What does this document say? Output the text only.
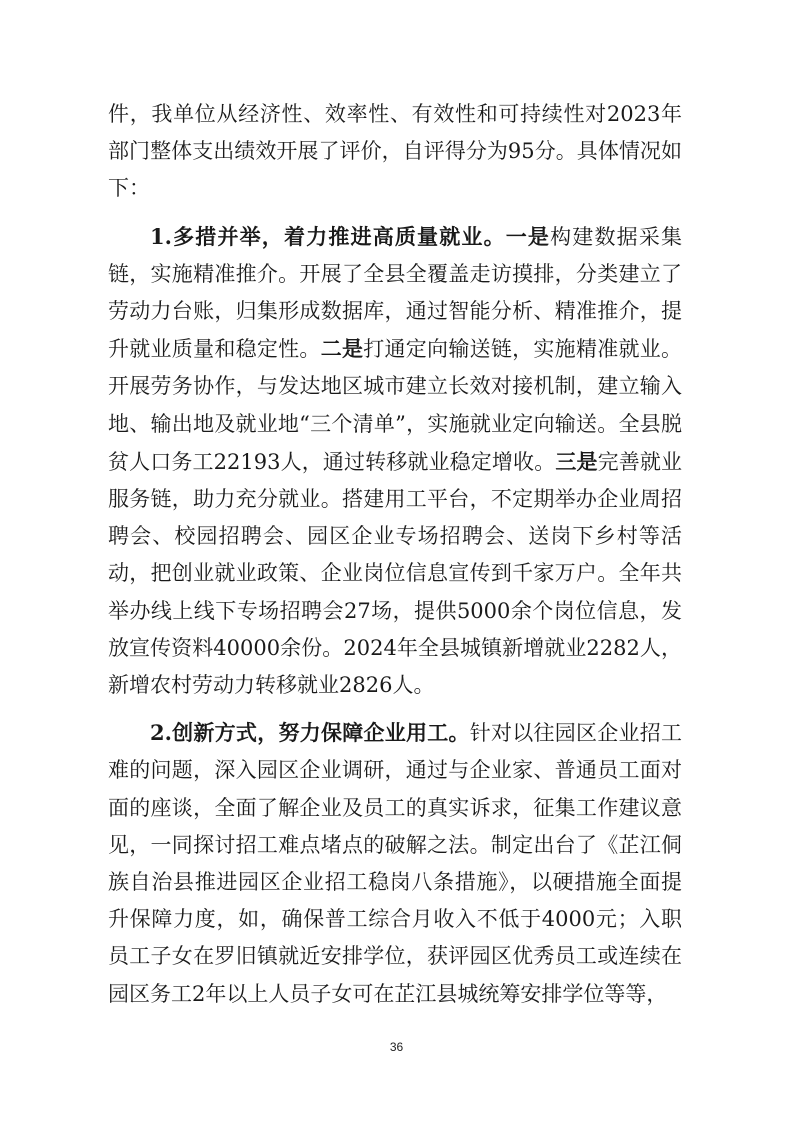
件，我单位从经济性、效率性、有效性和可持续性对2023年部门整体支出绩效开展了评价，自评得分为95分。具体情况如下：

1.多措并举，着力推进高质量就业。一是构建数据采集链，实施精准推介。开展了全县全覆盖走访摸排，分类建立了劳动力台账，归集形成数据库，通过智能分析、精准推介，提升就业质量和稳定性。二是打通定向输送链，实施精准就业。开展劳务协作，与发达地区城市建立长效对接机制，建立输入地、输出地及就业地“三个清单”，实施就业定向输送。全县脱贫人口务工22193人，通过转移就业稳定增收。三是完善就业服务链，助力充分就业。搭建用工平台，不定期举办企业周招聘会、校园招聘会、园区企业专场招聘会、送岗下乡村等活动，把创业就业政策、企业岗位信息宣传到千家万户。全年共举办线上线下专场招聘会27场，提供5000余个岗位信息，发放宣传资料40000余份。2024年全县城镇新增就业2282人，新增农村劳动力转移就业2826人。

2.创新方式，努力保障企业用工。针对以往园区企业招工难的问题，深入园区企业调研，通过与企业家、普通员工面对面的座谈，全面了解企业及员工的真实诉求，征集工作建议意见，一同探讨招工难点堵点的破解之法。制定出台了《芷江侗族自治县推进园区企业招工稳岗八条措施》，以硬措施全面提升保障力度，如，确保普工综合月收入不低于4000元；入职员工子女在罗旧镇就近安排学位，获评园区优秀员工或连续在园区务工2年以上人员子女可在芷江县城统筹安排学位等等，

36
